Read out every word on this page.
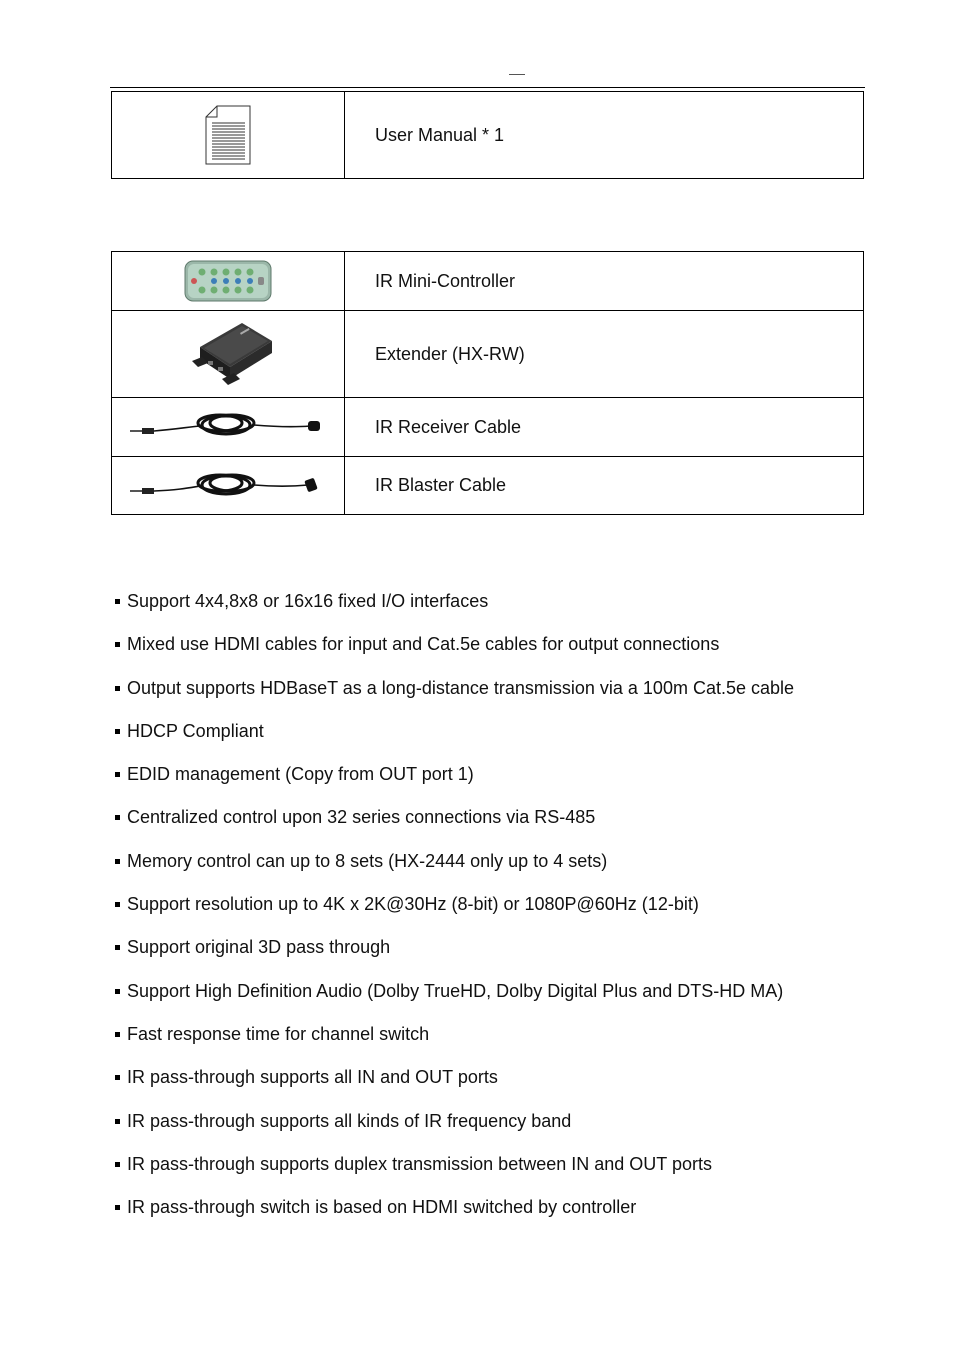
	User Manual * 1
	IR Mini-Controller

	Extender (HX-RW)

	IR Receiver Cable

	IR Blaster Cable
Support 4x4,8x8 or 16x16 fixed I/O interfaces
Mixed use HDMI cables for input and Cat.5e cables for output connections
Output supports HDBaseT as a long-distance transmission via a 100m Cat.5e cable
HDCP Compliant
EDID management (Copy from OUT port 1)
Centralized control upon 32 series connections via RS-485
Memory control can up to 8 sets (HX-2444 only up to 4 sets)
Support resolution up to 4K x 2K@30Hz (8-bit) or 1080P@60Hz (12-bit)
Support original 3D pass through
Support High Definition Audio (Dolby TrueHD, Dolby Digital Plus and DTS-HD MA)
Fast response time for channel switch
IR pass-through supports all IN and OUT ports
IR pass-through supports all kinds of IR frequency band
IR pass-through supports duplex transmission between IN and OUT ports
IR pass-through switch is based on HDMI switched by controller
